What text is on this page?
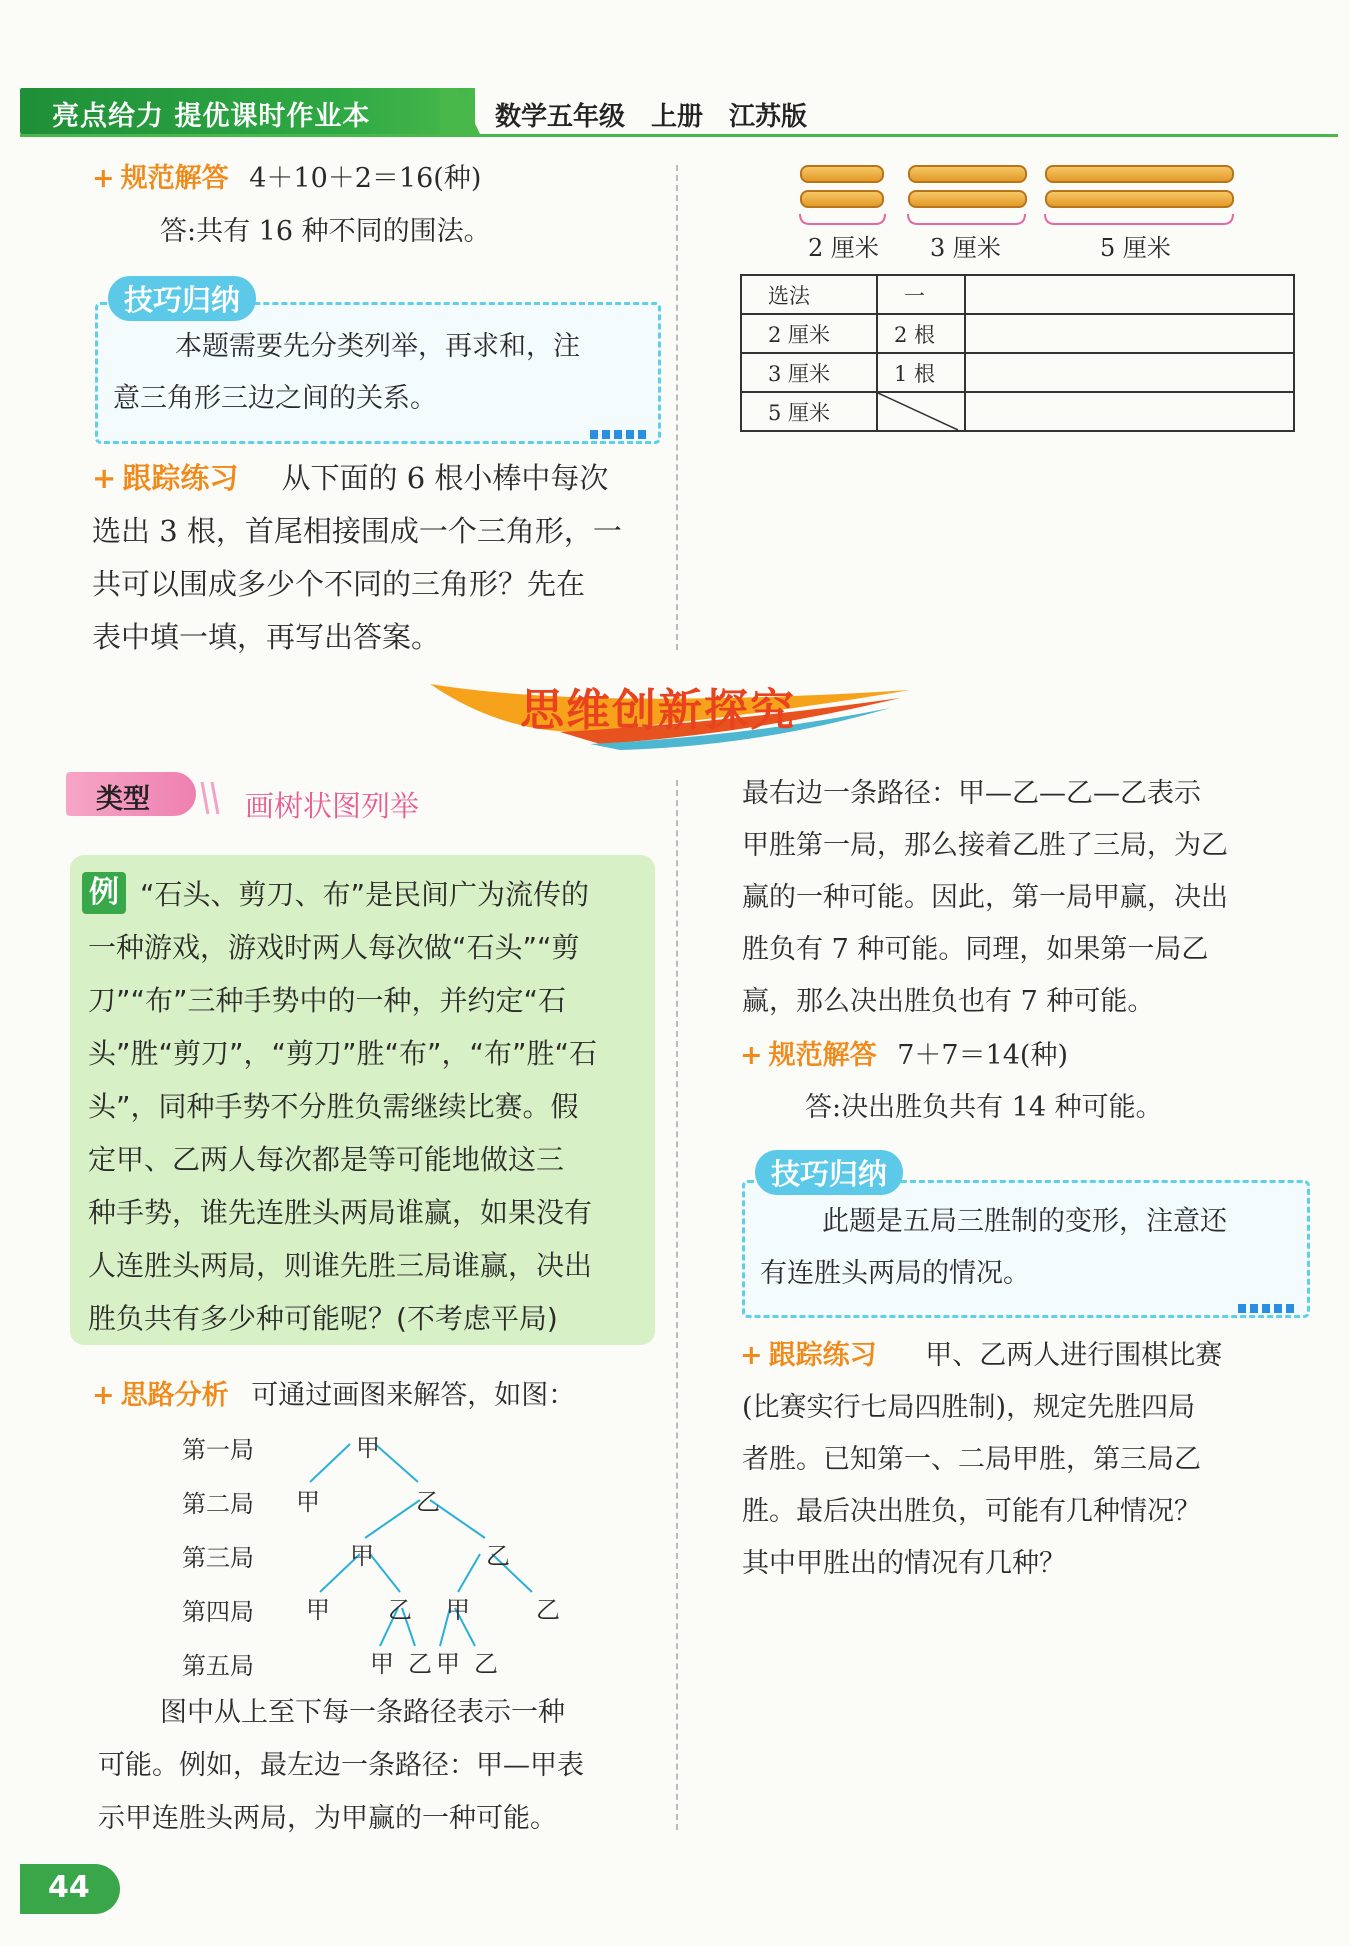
亮点给力 提优课时作业本	数学五年级　上册　江苏版
+ 规范解答 4＋10＋2＝16(种)
答:共有 16 种不同的围法。
技巧归纳
本题需要先分类列举，再求和，注
意三角形三边之间的关系。
+ 跟踪练习 从下面的 6 根小棒中每次
选出 3 根，首尾相接围成一个三角形，一
共可以围成多少个不同的三角形？先在
表中填一填，再写出答案。
2 厘米 3 厘米	5 厘米
选法	一	
2 厘米	2 根	
3 厘米	1 根	
5 厘米	

思维创新探究
类型	画树状图列举
例 “石头、剪刀、布”是民间广为流传的
一种游戏，游戏时两人每次做“石头”“剪
刀”“布”三种手势中的一种，并约定“石
头”胜“剪刀”，“剪刀”胜“布”，“布”胜“石
头”，同种手势不分胜负需继续比赛。假
定甲、乙两人每次都是等可能地做这三
种手势，谁先连胜头两局谁赢，如果没有
人连胜头两局，则谁先胜三局谁赢，决出
胜负共有多少种可能呢？(不考虑平局)
+ 思路分析 可通过画图来解答，如图：
第一局
第二局
第三局
第四局
第五局
甲
甲	乙
甲	乙
甲 乙 甲	乙
甲 乙 甲 乙
图中从上至下每一条路径表示一种
可能。例如，最左边一条路径：甲—甲表
示甲连胜头两局，为甲赢的一种可能。
最右边一条路径：甲—乙—乙—乙表示
甲胜第一局，那么接着乙胜了三局，为乙
赢的一种可能。因此，第一局甲赢，决出
胜负有 7 种可能。同理，如果第一局乙
赢，那么决出胜负也有 7 种可能。
+ 规范解答 7＋7＝14(种)
答:决出胜负共有 14 种可能。
技巧归纳
此题是五局三胜制的变形，注意还
有连胜头两局的情况。
+ 跟踪练习 甲、乙两人进行围棋比赛
(比赛实行七局四胜制)，规定先胜四局
者胜。已知第一、二局甲胜，第三局乙
胜。最后决出胜负，可能有几种情况？
其中甲胜出的情况有几种？
44
